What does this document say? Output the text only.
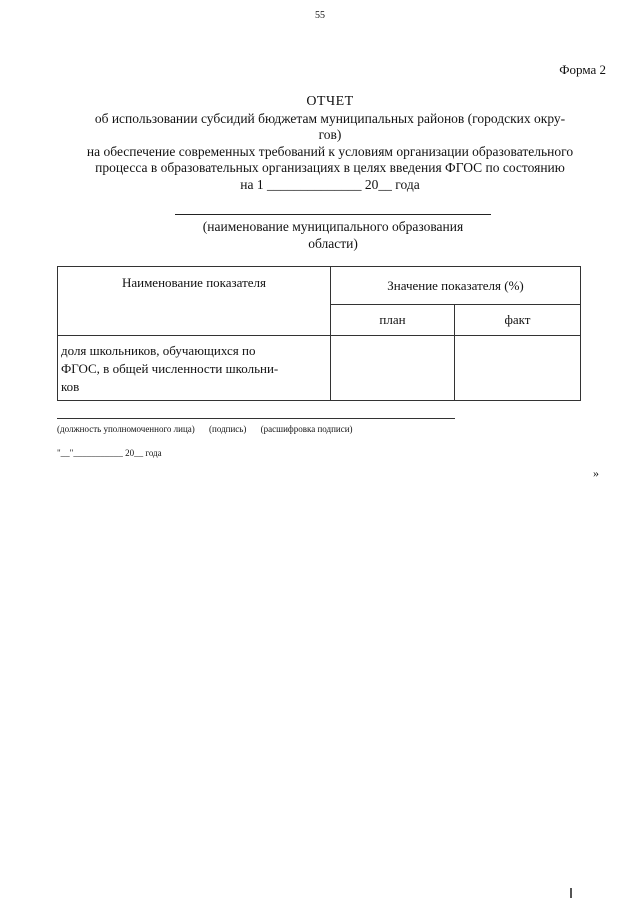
55
Форма 2
ОТЧЕТ
об использовании субсидий бюджетам муниципальных районов (городских окру-
гов)
на обеспечение современных требований к условиям организации образовательного
процесса в образовательных организациях в целях введения ФГОС по состоянию
на 1 ______________ 20__ года
(наименование муниципального образования
области)
Наименование показателя	Значение показателя (%)	
	план	факт

доля школьников, обучающихся по
ФГОС, в общей численности школьни-
ков		

(должность уполномоченного лица) (подпись) (расшифровка подписи)
"__"___________ 20__ года
»
